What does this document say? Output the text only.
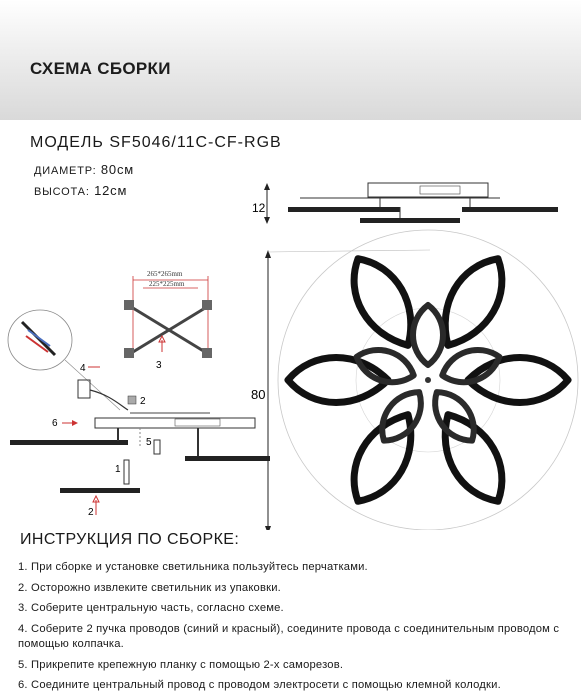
СХЕМА СБОРКИ
МОДЕЛЬ SF5046/11C-CF-RGB
ДИАМЕТР: 80см
ВЫСОТА: 12см
12
80
265*265mm
225*225mm
3
4
2
6
5
1
2
ИНСТРУКЦИЯ ПО СБОРКЕ:
1. При сборке и установке светильника пользуйтесь перчатками.
2. Осторожно извлеките светильник из упаковки.
3. Соберите центральную часть, согласно схеме.
4. Соберите 2 пучка проводов (синий и красный), соедините провода с соединительным проводом с помощью колпачка.
5. Прикрепите крепежную планку с помощью 2-х саморезов.
6. Соедините центральный провод с проводом электросети с помощью клемной колодки.
